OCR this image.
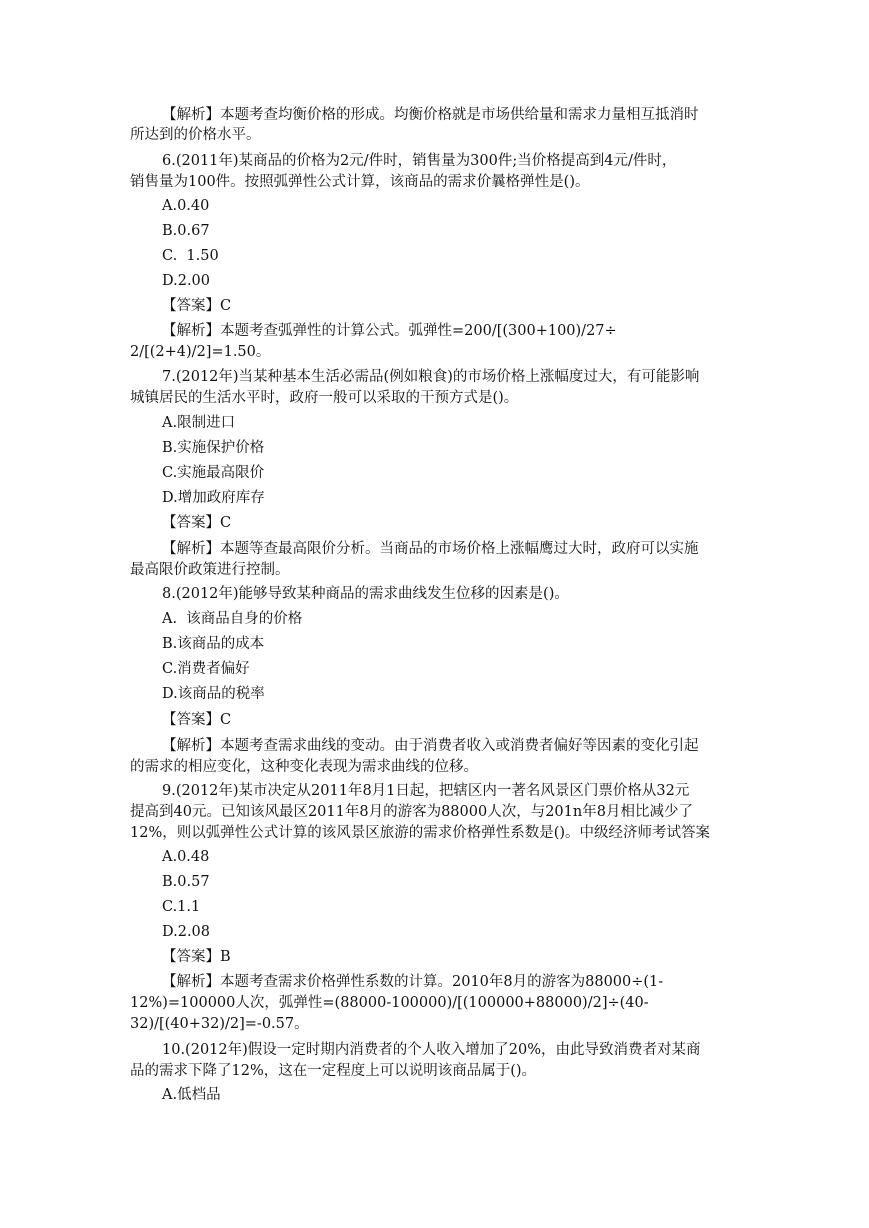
【解析】本题考查均衡价格的形成。均衡价格就是市场供给量和需求力量相互抵消时
所达到的价格水平。
6.(2011年)某商品的价格为2元/件时，销售量为300件;当价格提高到4元/件时，
销售量为100件。按照弧弹性公式计算，该商品的需求价曩格弹性是()。
A.0.40
B.0.67
C.  1.50
D.2.00
【答案】C
【解析】本题考查弧弹性的计算公式。弧弹性=200/[(300+100)/27÷
2/[(2+4)/2]=1.50。
7.(2012年)当某种基本生活必需品(例如粮食)的市场价格上涨幅度过大，有可能影响
城镇居民的生活水平时，政府一般可以采取的干预方式是()。
A.限制进口
B.实施保护价格
C.实施最高限价
D.增加政府库存
【答案】C
【解析】本题等查最高限价分析。当商品的市场价格上涨幅鹰过大时，政府可以实施
最高限价政策进行控制。
8.(2012年)能够导致某种商品的需求曲线发生位移的因素是()。
A.  该商品自身的价格
B.该商品的成本
C.消费者偏好
D.该商品的税率
【答案】C
【解析】本题考查需求曲线的变动。由于消费者收入或消费者偏好等因素的变化引起
的需求的相应变化，这种变化表现为需求曲线的位移。
9.(2012年)某市决定从2011年8月1日起，把辖区内一著名风景区门票价格从32元
提高到40元。已知该风最区2011年8月的游客为88000人次，与201n年8月相比减少了
12%，则以弧弹性公式计算的该风景区旅游的需求价格弹性系数是()。中级经济师考试答案
A.0.48
B.0.57
C.1.1
D.2.08
【答案】B
【解析】本题考查需求价格弹性系数的计算。2010年8月的游客为88000÷(1-
12%)=100000人次，弧弹性=(88000-100000)/[(100000+88000)/2]÷(40-
32)/[(40+32)/2]=-0.57。
10.(2012年)假设一定时期内消费者的个人收入增加了20%，由此导致消费者对某商
品的需求下降了12%，这在一定程度上可以说明该商品属于()。
A.低档品
